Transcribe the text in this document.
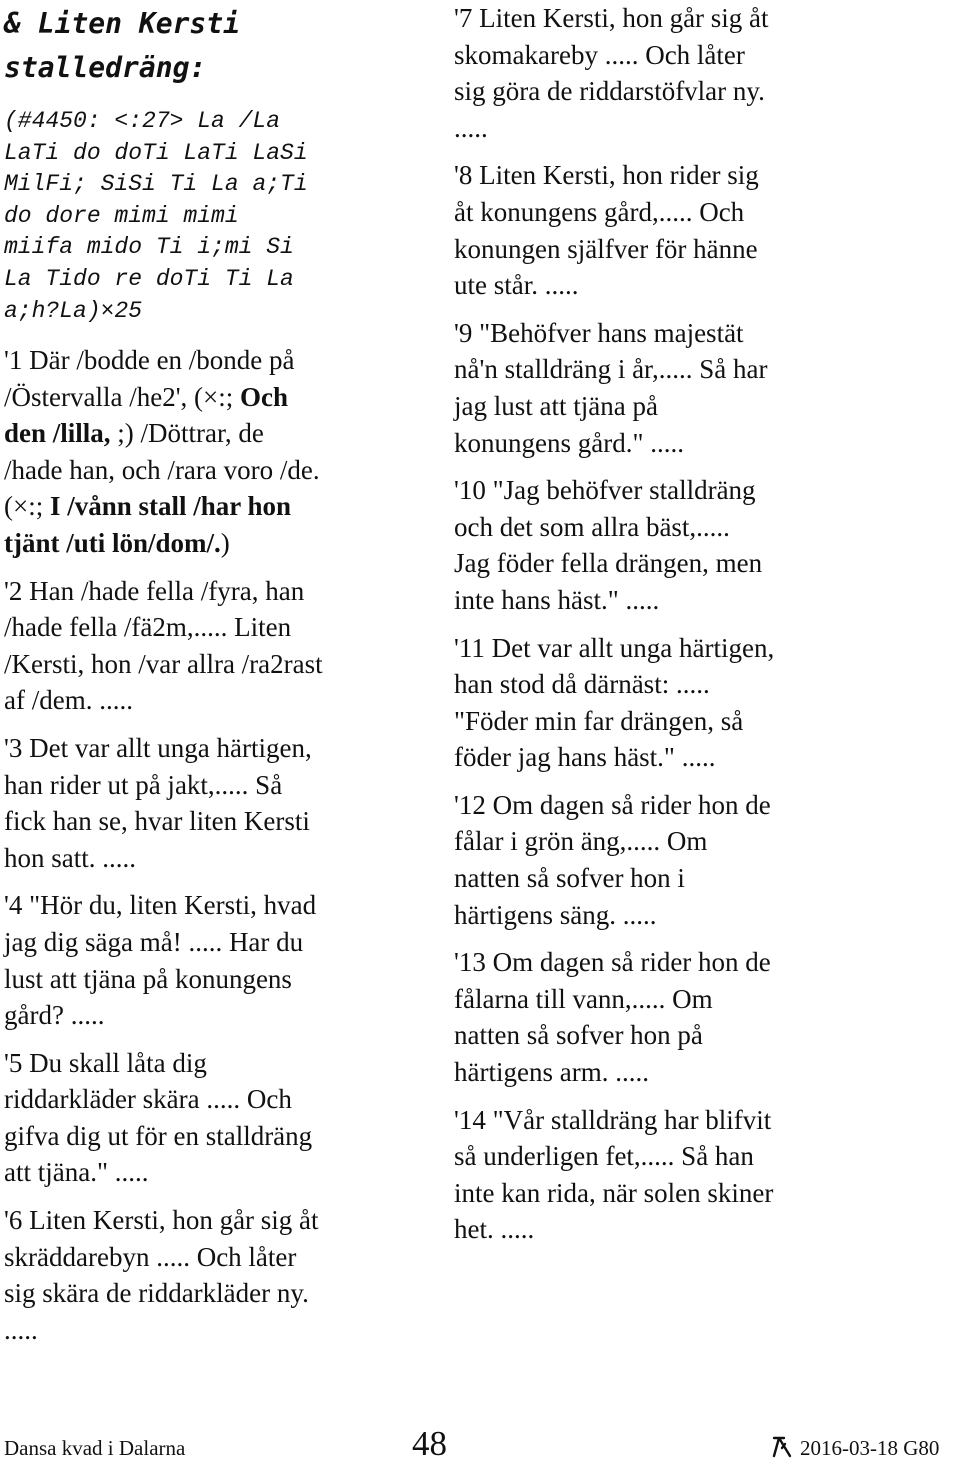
& Liten Kersti
stalledräng:
(#4450: <:27> La /La
LaTi do doTi LaTi LaSi
MilFi; SiSi Ti La a;Ti
do dore mimi mimi
miifa mido Ti i;mi Si
La Tido re doTi Ti La
a;h?La)×25
'1 Där /bodde en /bonde på
/Östervalla /he2', (×:; Och
den /lilla, ;) /Döttrar, de
/hade han, och /rara voro /de.
(×:; I /vånn stall /har hon
tjänt /uti lön/dom/.)
'2 Han /hade fella /fyra, han
/hade fella /fä2m,..... Liten
/Kersti, hon /var allra /ra2rast
af /dem. .....
'3 Det var allt unga härtigen,
han rider ut på jakt,..... Så
fick han se, hvar liten Kersti
hon satt. .....
'4 "Hör du, liten Kersti, hvad
jag dig säga må! ..... Har du
lust att tjäna på konungens
gård? .....
'5 Du skall låta dig
riddarkläder skära ..... Och
gifva dig ut för en stalldräng
att tjäna." .....
'6 Liten Kersti, hon går sig åt
skräddarebyn ..... Och låter
sig skära de riddarkläder ny.
.....
'7 Liten Kersti, hon går sig åt
skomakareby ..... Och låter
sig göra de riddarstöfvlar ny.
.....
'8 Liten Kersti, hon rider sig
åt konungens gård,..... Och
konungen själfver för hänne
ute står. .....
'9 "Behöfver hans majestät
nå'n stalldräng i år,..... Så har
jag lust att tjäna på
konungens gård." .....
'10 "Jag behöfver stalldräng
och det som allra bäst,.....
Jag föder fella drängen, men
inte hans häst." .....
'11 Det var allt unga härtigen,
han stod då därnäst: .....
"Föder min far drängen, så
föder jag hans häst." .....
'12 Om dagen så rider hon de
fålar i grön äng,..... Om
natten så sofver hon i
härtigens säng. .....
'13 Om dagen så rider hon de
fålarna till vann,..... Om
natten så sofver hon på
härtigens arm. .....
'14 "Vår stalldräng har blifvit
så underligen fet,..... Så han
inte kan rida, när solen skiner
het. .....
Dansa kvad i Dalarna	48	2016-03-18 G80
